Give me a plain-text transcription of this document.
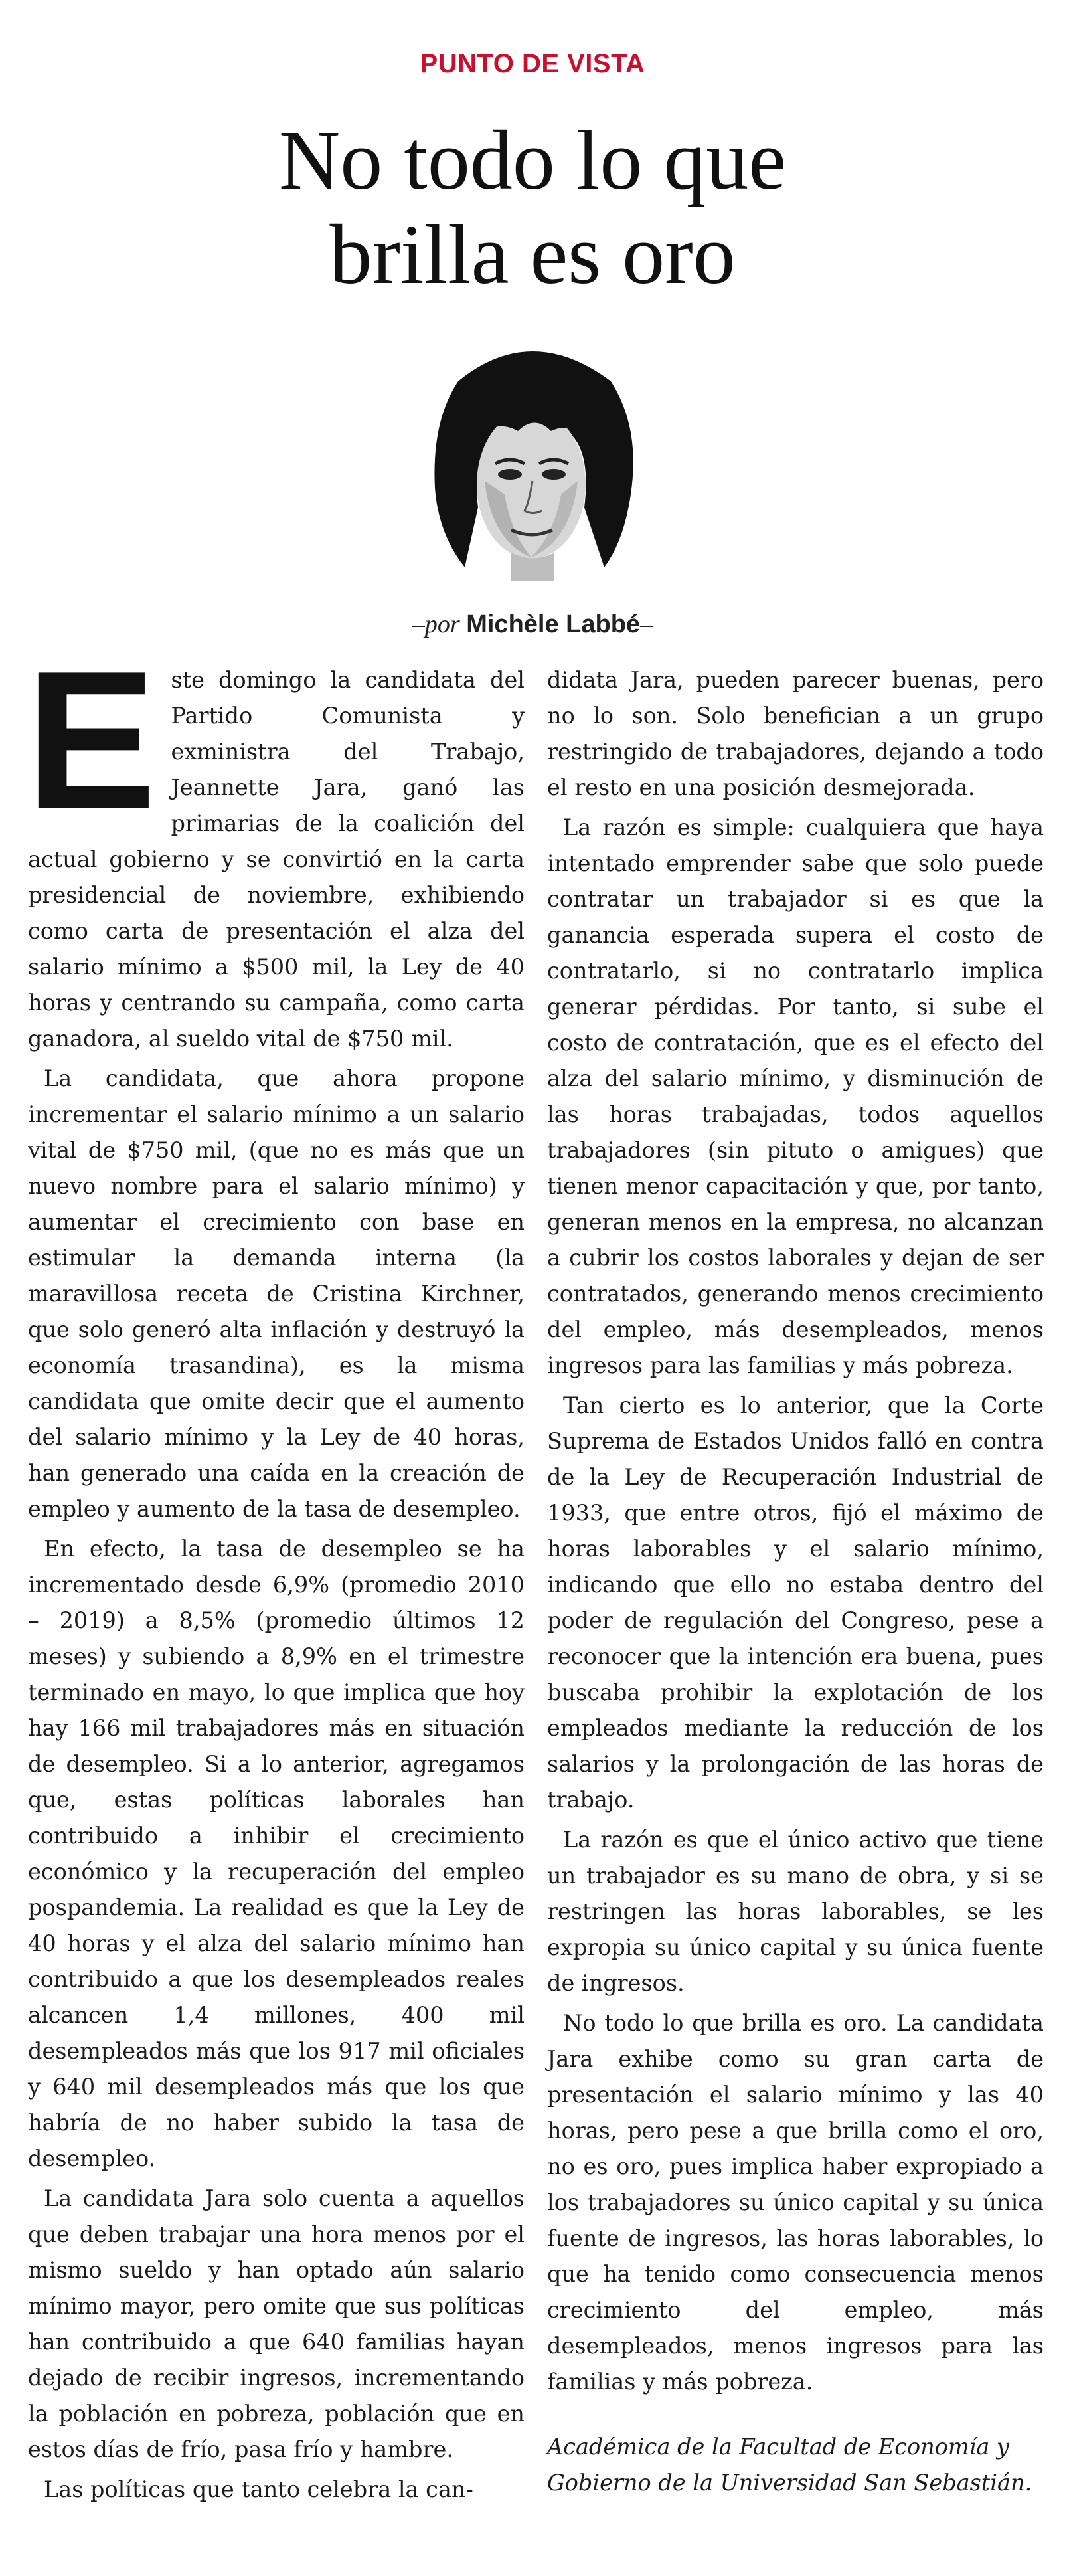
PUNTO DE VISTA
No todo lo que
brilla es oro
–por Michèle Labbé–

Este domingo la candidata del Partido Comunista y exministra del Trabajo, Jeannette Jara, ganó las primarias de la coalición del actual gobierno y se convirtió en la carta presidencial de noviembre, exhibiendo como carta de presentación el alza del salario mínimo a $500 mil, la Ley de 40 horas y centrando su campaña, como carta ganadora, al sueldo vital de $750 mil.

La candidata, que ahora propone incrementar el salario mínimo a un salario vital de $750 mil, (que no es más que un nuevo nombre para el salario mínimo) y aumentar el crecimiento con base en estimular la demanda interna (la maravillosa receta de Cristina Kirchner, que solo generó alta inflación y destruyó la economía trasandina), es la misma candidata que omite decir que el aumento del salario mínimo y la Ley de 40 horas, han generado una caída en la creación de empleo y aumento de la tasa de desempleo.

En efecto, la tasa de desempleo se ha incrementado desde 6,9% (promedio 2010 – 2019) a 8,5% (promedio últimos 12 meses) y subiendo a 8,9% en el trimestre terminado en mayo, lo que implica que hoy hay 166 mil trabajadores más en situación de desempleo. Si a lo anterior, agregamos que, estas políticas laborales han contribuido a inhibir el crecimiento económico y la recuperación del empleo pospandemia. La realidad es que la Ley de 40 horas y el alza del salario mínimo han contribuido a que los desempleados reales alcancen 1,4 millones, 400 mil desempleados más que los 917 mil oficiales y 640 mil desempleados más que los que habría de no haber subido la tasa de desempleo.

La candidata Jara solo cuenta a aquellos que deben trabajar una hora menos por el mismo sueldo y han optado aún salario mínimo mayor, pero omite que sus políticas han contribuido a que 640 familias hayan dejado de recibir ingresos, incrementando la población en pobreza, población que en estos días de frío, pasa frío y hambre.

Las políticas que tanto celebra la can-

didata Jara, pueden parecer buenas, pero no lo son. Solo benefician a un grupo restringido de trabajadores, dejando a todo el resto en una posición desmejorada.

La razón es simple: cualquiera que haya intentado emprender sabe que solo puede contratar un trabajador si es que la ganancia esperada supera el costo de contratarlo, si no contratarlo implica generar pérdidas. Por tanto, si sube el costo de contratación, que es el efecto del alza del salario mínimo, y disminución de las horas trabajadas, todos aquellos trabajadores (sin pituto o amigues) que tienen menor capacitación y que, por tanto, generan menos en la empresa, no alcanzan a cubrir los costos laborales y dejan de ser contratados, generando menos crecimiento del empleo, más desempleados, menos ingresos para las familias y más pobreza.

Tan cierto es lo anterior, que la Corte Suprema de Estados Unidos falló en contra de la Ley de Recuperación Industrial de 1933, que entre otros, fijó el máximo de horas laborables y el salario mínimo, indicando que ello no estaba dentro del poder de regulación del Congreso, pese a reconocer que la intención era buena, pues buscaba prohibir la explotación de los empleados mediante la reducción de los salarios y la prolongación de las horas de trabajo.

La razón es que el único activo que tiene un trabajador es su mano de obra, y si se restringen las horas laborables, se les expropia su único capital y su única fuente de ingresos.

No todo lo que brilla es oro. La candidata Jara exhibe como su gran carta de presentación el salario mínimo y las 40 horas, pero pese a que brilla como el oro, no es oro, pues implica haber expropiado a los trabajadores su único capital y su única fuente de ingresos, las horas laborables, lo que ha tenido como consecuencia menos crecimiento del empleo, más desempleados, menos ingresos para las familias y más pobreza.

Académica de la Facultad de Economía y Gobierno de la Universidad San Sebastián.
